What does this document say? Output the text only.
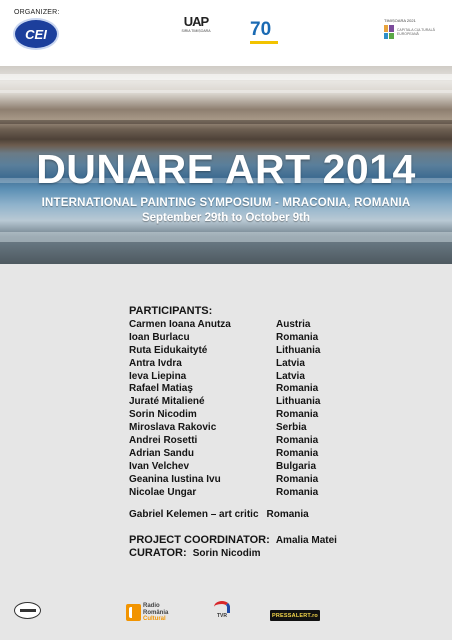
ORGANIZER:
CEI
UAP
SIRIA TIMIȘOARA 70	TIMIȘOARA 2021
CAPITALA CULTURALĂ EUROPEANĂ
DUNARE ART 2014
INTERNATIONAL PAINTING SYMPOSIUM - MRACONIA, ROMANIA
September 29th to October 9th
PARTICIPANTS:
Carmen Ioana Anutza	Austria
Ioan Burlacu	Romania
Ruta Eidukaityté	Lithuania
Antra Ivdra	Latvia
Ieva Liepina	Latvia
Rafael Matiaş	Romania
Juraté Mitaliené	Lithuania
Sorin Nicodim	Romania
Miroslava Rakovic	Serbia
Andrei Rosetti	Romania
Adrian Sandu	Romania
Ivan Velchev	Bulgaria
Geanina Iustina Ivu	Romania
Nicolae Ungar	Romania
Gabriel Kelemen – art critic Romania
PROJECT COORDINATOR: Amalia Matei
CURATOR: Sorin Nicodim
Radio
România
Cultural	TVR	PRESSALERT.ro
